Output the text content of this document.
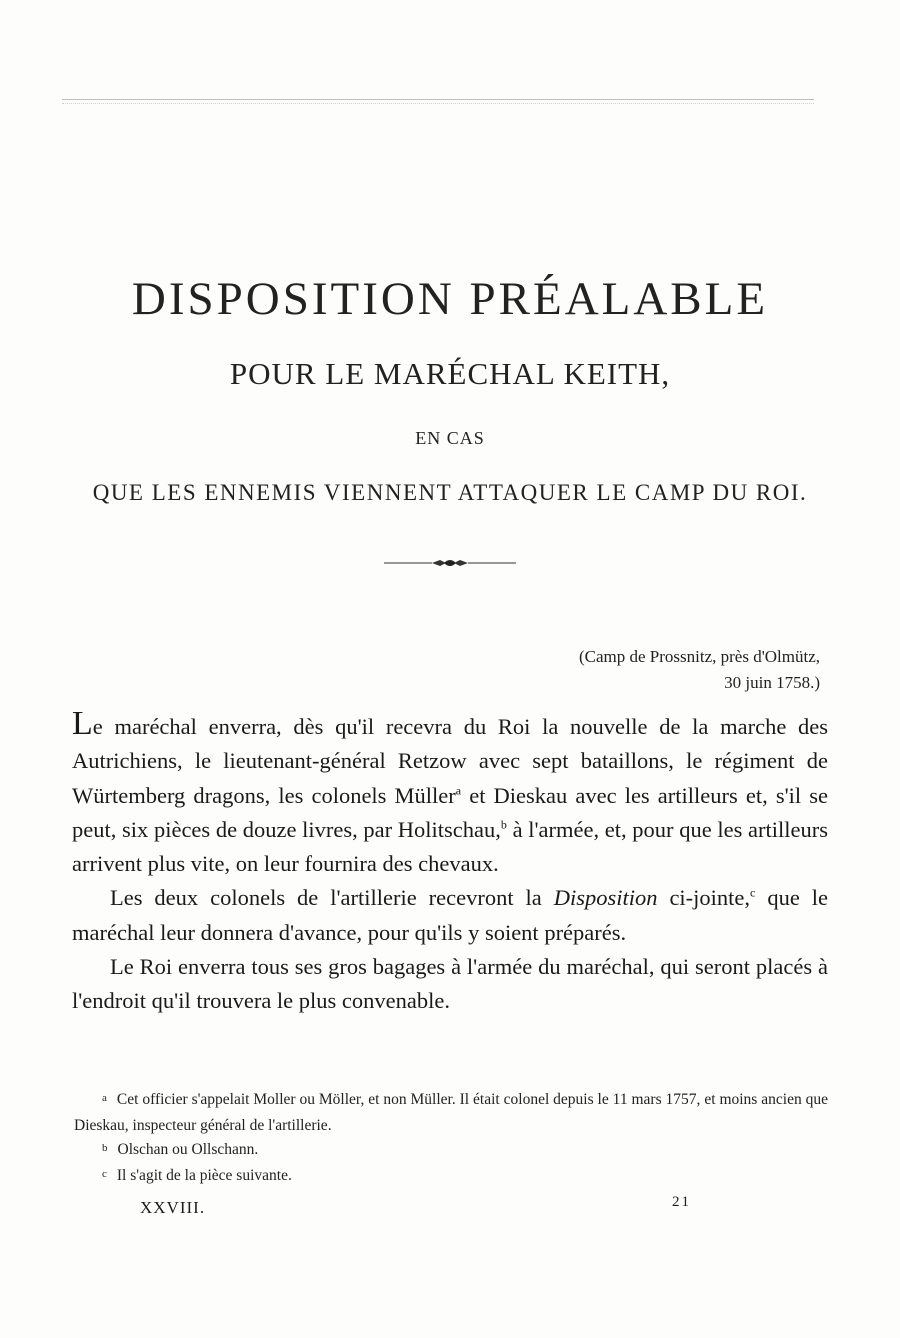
DISPOSITION PRÉALABLE
POUR LE MARÉCHAL KEITH,
EN CAS
QUE LES ENNEMIS VIENNENT ATTAQUER LE CAMP DU ROI.
(Camp de Prossnitz, près d'Olmütz,
30 juin 1758.)

Le maréchal enverra, dès qu'il recevra du Roi la nouvelle de la marche des Autrichiens, le lieutenant-général Retzow avec sept bataillons, le régiment de Würtemberg dragons, les colonels Müller$^a$ et Dieskau avec les artilleurs et, s'il se peut, six pièces de douze livres, par Holitschau,$^b$ à l'armée, et, pour que les artilleurs arrivent plus vite, on leur fournira des chevaux.

Les deux colonels de l'artillerie recevront la Disposition ci-jointe,$^c$ que le maréchal leur donnera d'avance, pour qu'ils y soient préparés.

Le Roi enverra tous ses gros bagages à l'armée du maréchal, qui seront placés à l'endroit qu'il trouvera le plus convenable.

a Cet officier s'appelait Moller ou Möller, et non Müller. Il était colonel depuis le 11 mars 1757, et moins ancien que Dieskau, inspecteur général de l'artillerie.

b Olschan ou Ollschann.

c Il s'agit de la pièce suivante.

XXVIII.	21
